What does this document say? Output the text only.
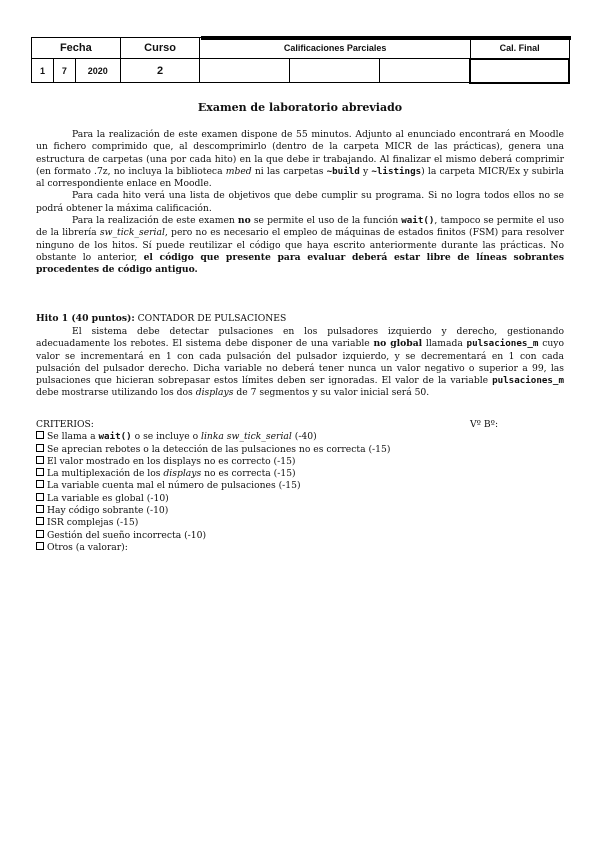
Fecha			Curso	Calificaciones Parciales			Cal. Final
1	7	2020	2				
Examen de laboratorio abreviado

Para la realización de este examen dispone de 55 minutos. Adjunto al enunciado encontrará en Moodle un fichero comprimido que, al descomprimirlo (dentro de la carpeta MICR de las prácticas), genera una estructura de carpetas (una por cada hito) en la que debe ir trabajando. Al finalizar el mismo deberá comprimir (en formato .7z, no incluya la biblioteca mbed ni las carpetas ~build y ~listings) la carpeta MICR/Ex y subirla al correspondiente enlace en Moodle.

Para cada hito verá una lista de objetivos que debe cumplir su programa. Si no logra todos ellos no se podrá obtener la máxima calificación.

Para la realización de este examen no se permite el uso de la función wait(), tampoco se permite el uso de la librería sw_tick_serial, pero no es necesario el empleo de máquinas de estados finitos (FSM) para resolver ninguno de los hitos. Sí puede reutilizar el código que haya escrito anteriormente durante las prácticas. No obstante lo anterior, el código que presente para evaluar deberá estar libre de líneas sobrantes procedentes de código antiguo.

Hito 1 (40 puntos): CONTADOR DE PULSACIONES

El sistema debe detectar pulsaciones en los pulsadores izquierdo y derecho, gestionando adecuadamente los rebotes. El sistema debe disponer de una variable no global llamada pulsaciones_m cuyo valor se incrementará en 1 con cada pulsación del pulsador izquierdo, y se decrementará en 1 con cada pulsación del pulsador derecho. Dicha variable no deberá tener nunca un valor negativo o superior a 99, las pulsaciones que hicieran sobrepasar estos límites deben ser ignoradas. El valor de la variable pulsaciones_m debe mostrarse utilizando los dos displays de 7 segmentos y su valor inicial será 50.

Vº Bº:
CRITERIOS:
Se llama a wait() o se incluye o linka sw_tick_serial (-40)
Se aprecian rebotes o la detección de las pulsaciones no es correcta (-15)
El valor mostrado en los displays no es correcto (-15)
La multiplexación de los displays no es correcta (-15)
La variable cuenta mal el número de pulsaciones (-15)
La variable es global (-10)
Hay código sobrante (-10)
ISR complejas (-15)
Gestión del sueño incorrecta (-10)
Otros (a valorar):
